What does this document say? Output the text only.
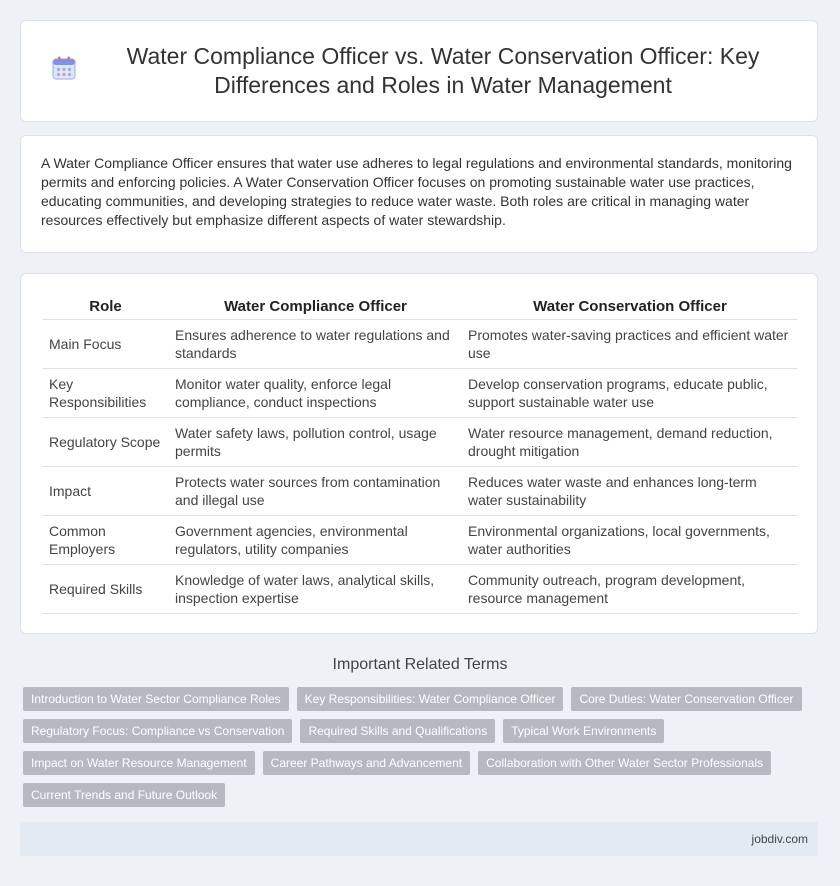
Water Compliance Officer vs. Water Conservation Officer: Key Differences and Roles in Water Management

A Water Compliance Officer ensures that water use adheres to legal regulations and environmental standards, monitoring permits and enforcing policies. A Water Conservation Officer focuses on promoting sustainable water use practices, educating communities, and developing strategies to reduce water waste. Both roles are critical in managing water resources effectively but emphasize different aspects of water stewardship.

Role	Water Compliance Officer	Water Conservation Officer
Main Focus	Ensures adherence to water regulations and standards	Promotes water-saving practices and efficient water use
Key Responsibilities	Monitor water quality, enforce legal compliance, conduct inspections	Develop conservation programs, educate public, support sustainable water use
Regulatory Scope	Water safety laws, pollution control, usage permits	Water resource management, demand reduction, drought mitigation
Impact	Protects water sources from contamination and illegal use	Reduces water waste and enhances long-term water sustainability
Common Employers	Government agencies, environmental regulators, utility companies	Environmental organizations, local governments, water authorities
Required Skills	Knowledge of water laws, analytical skills, inspection expertise	Community outreach, program development, resource management
Important Related Terms
Introduction to Water Sector Compliance Roles	Key Responsibilities: Water Compliance Officer	Core Duties: Water Conservation Officer
Regulatory Focus: Compliance vs Conservation	Required Skills and Qualifications	Typical Work Environments
Impact on Water Resource Management	Career Pathways and Advancement	Collaboration with Other Water Sector Professionals
Current Trends and Future Outlook
jobdiv.com
